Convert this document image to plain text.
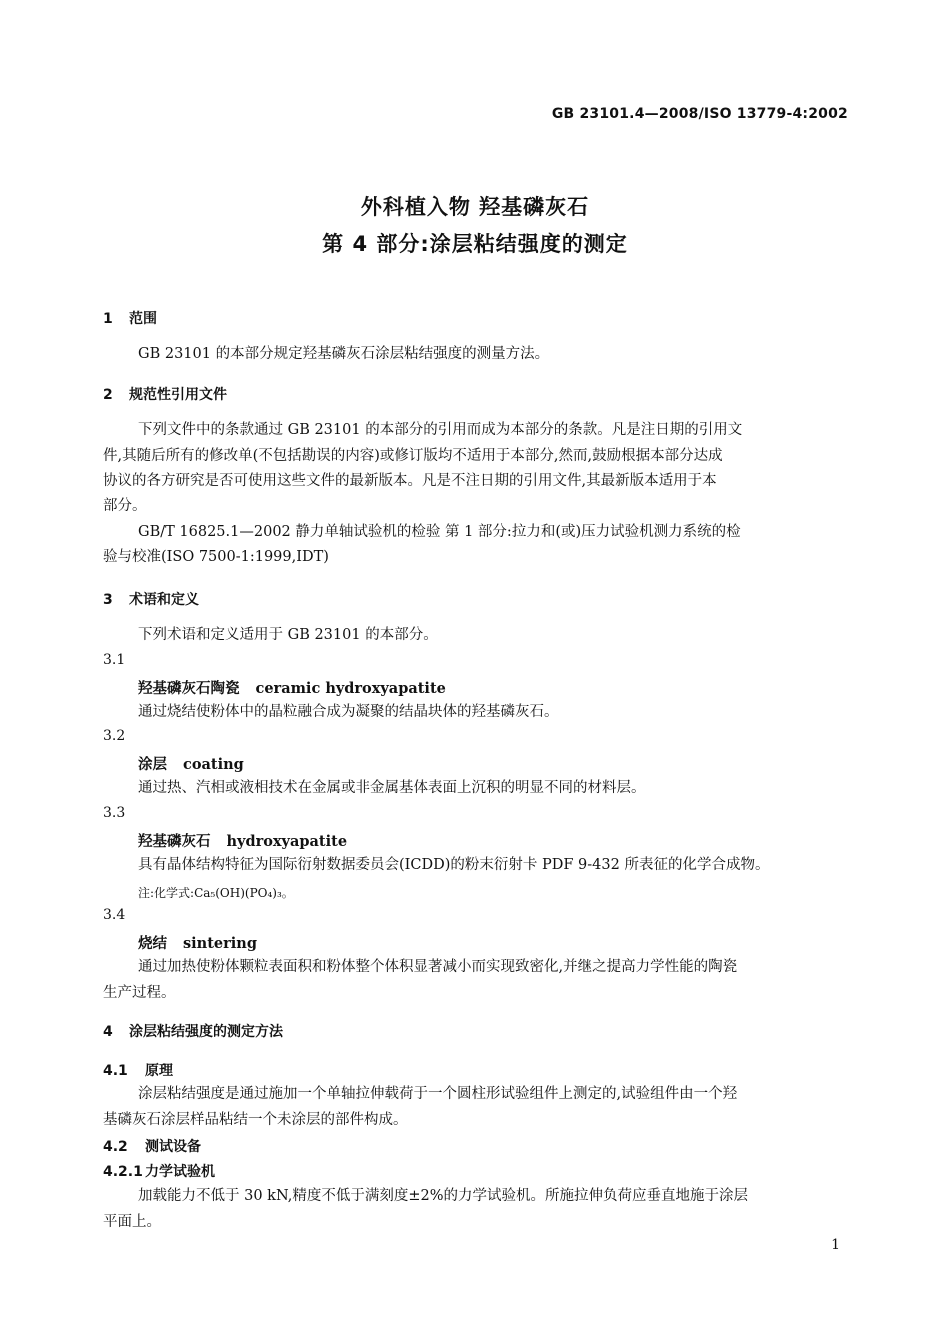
GB 23101.4—2008/ISO 13779-4:2002
外科植入物 羟基磷灰石
第 4 部分:涂层粘结强度的测定
1 范围
GB 23101 的本部分规定羟基磷灰石涂层粘结强度的测量方法。
2 规范性引用文件
下列文件中的条款通过 GB 23101 的本部分的引用而成为本部分的条款。凡是注日期的引用文
件,其随后所有的修改单(不包括勘误的内容)或修订版均不适用于本部分,然而,鼓励根据本部分达成
协议的各方研究是否可使用这些文件的最新版本。凡是不注日期的引用文件,其最新版本适用于本
部分。
GB/T 16825.1—2002 静力单轴试验机的检验 第 1 部分:拉力和(或)压力试验机测力系统的检
验与校准(ISO 7500-1:1999,IDT)
3 术语和定义
下列术语和定义适用于 GB 23101 的本部分。
3.1
羟基磷灰石陶瓷 ceramic hydroxyapatite
通过烧结使粉体中的晶粒融合成为凝聚的结晶块体的羟基磷灰石。
3.2
涂层 coating
通过热、汽相或液相技术在金属或非金属基体表面上沉积的明显不同的材料层。
3.3
羟基磷灰石 hydroxyapatite
具有晶体结构特征为国际衍射数据委员会(ICDD)的粉末衍射卡 PDF 9-432 所表征的化学合成物。
注:化学式:Ca₅(OH)(PO₄)₃。
3.4
烧结 sintering
通过加热使粉体颗粒表面积和粉体整个体积显著减小而实现致密化,并继之提高力学性能的陶瓷
生产过程。
4 涂层粘结强度的测定方法
4.1 原理
涂层粘结强度是通过施加一个单轴拉伸载荷于一个圆柱形试验组件上测定的,试验组件由一个羟
基磷灰石涂层样品粘结一个未涂层的部件构成。
4.2 测试设备
4.2.1 力学试验机
加载能力不低于 30 kN,精度不低于满刻度±2%的力学试验机。所施拉伸负荷应垂直地施于涂层
平面上。
1
